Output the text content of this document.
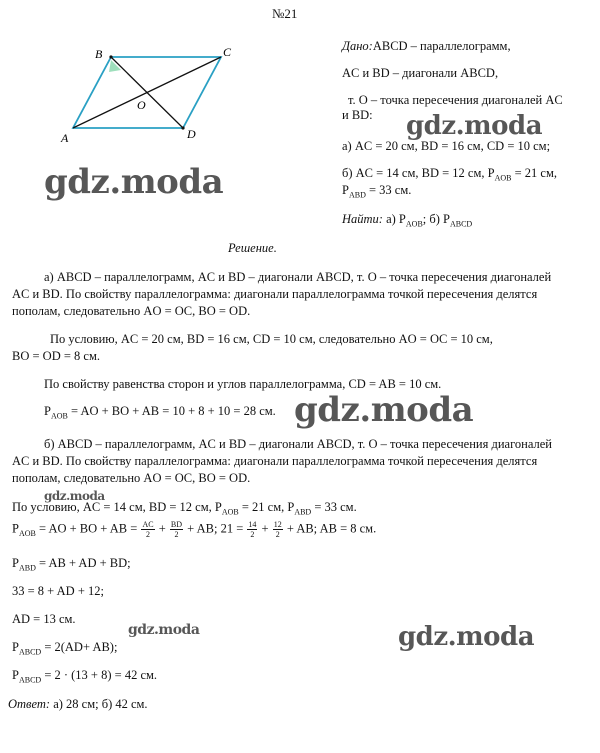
№21
B	C
O
A	D
Дано:ABCD – параллелограмм,
AC и BD – диагонали ABCD,
т. O – точка пересечения диагоналей AC
и BD:
а) AC = 20 см, BD = 16 см, CD = 10 см;
б) AC = 14 см, BD = 12 см, $P_{AOB} = 21$ см,
$P_{ABD} = 33$ см.
Найти: а) $P_{AOB}$; б) $P_{ABCD}$
Решение.
а) ABCD – параллелограмм, AC и BD – диагонали ABCD, т. O – точка пересечения диагоналей
AC и BD. По свойству параллелограмма: диагонали параллелограмма точкой пересечения делятся
пополам, следовательно AO = OC, BO = OD.
По условию, AC = 20 см, BD = 16 см, CD = 10 см, следовательно AO = OC = 10 см,
BO = OD = 8 см.
По свойству равенства сторон и углов параллелограмма, CD = AB = 10 см.
$P_{AOB}$ = AO + BO + AB = 10 + 8 + 10 = 28 см.
б) ABCD – параллелограмм, AC и BD – диагонали ABCD, т. O – точка пересечения диагоналей
AC и BD. По свойству параллелограмма: диагонали параллелограмма точкой пересечения делятся
пополам, следовательно AO = OC, BO = OD.
По условию, AC = 14 см, BD = 12 см, $P_{AOB} = 21$ см, $P_{ABD} = 33$ см.
$P_{AOB}$ = AO + BO + AB = $\frac{AC}{2} + \frac{BD}{2}$ + AB; $21 = \frac{14}{2} + \frac{12}{2}$ + AB; AB = 8 см.
$P_{ABD}$ = AB + AD + BD;
33 = 8 + AD + 12;
AD = 13 см.
$P_{ABCD} = 2(AD+ AB)$;
$P_{ABCD} = 2 \cdot (13 + 8) = 42$ см.
Ответ: а) 28 см; б) 42 см.
gdz.moda
gdz.moda
gdz.moda
gdz.moda
gdz.moda	gdz.moda
